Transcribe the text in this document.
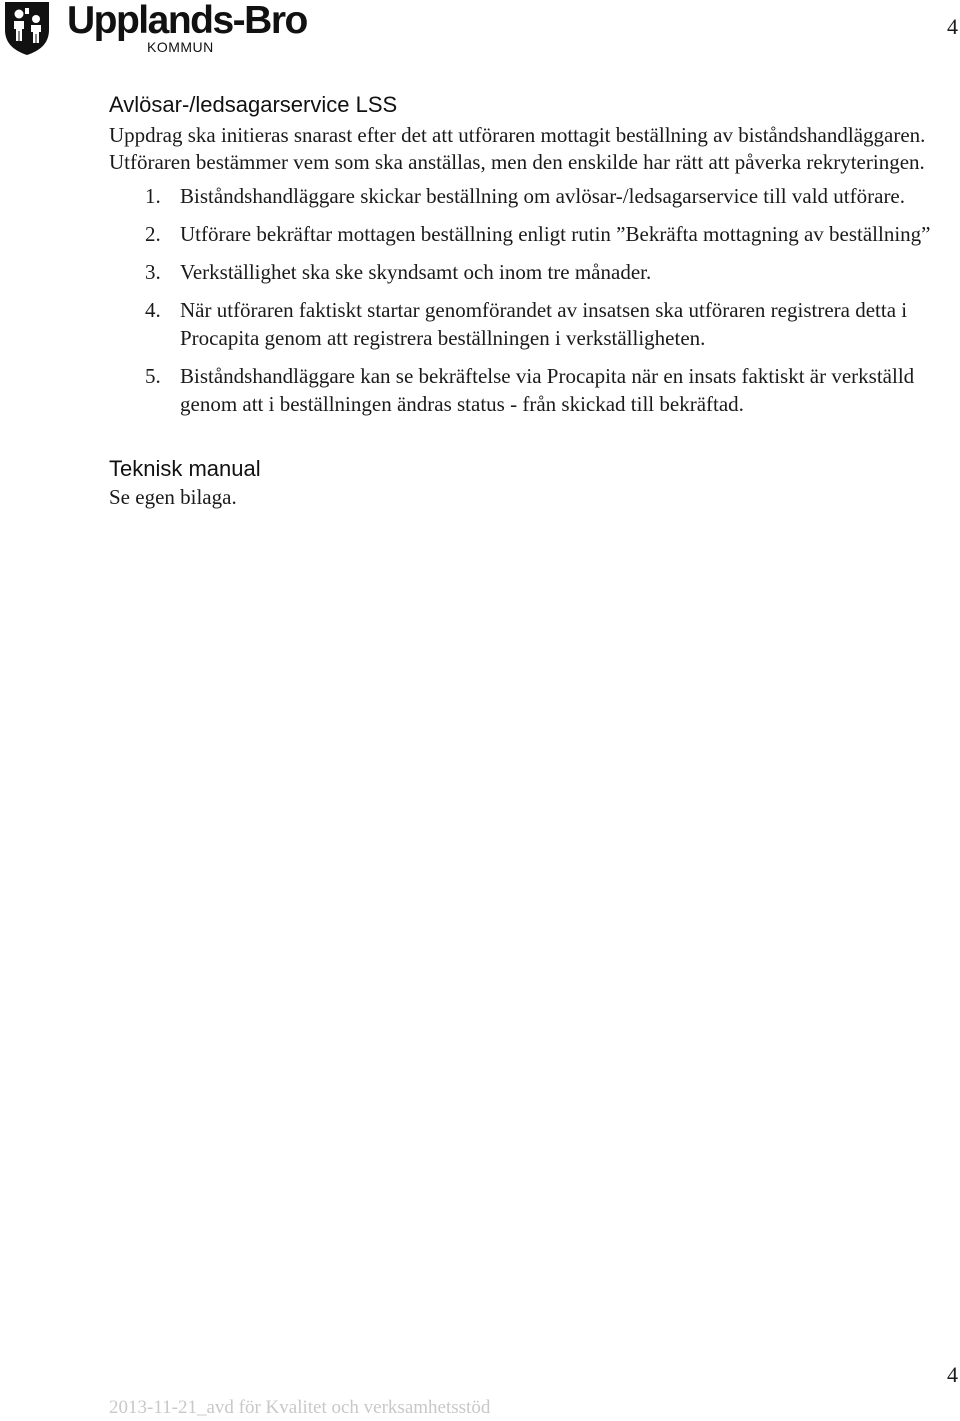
Upplands-Bro
KOMMUN
4
Avlösar-/ledsagarservice LSS

Uppdrag ska initieras snarast efter det att utföraren mottagit beställning av biståndshandläggaren. Utföraren bestämmer vem som ska anställas, men den enskilde har rätt att påverka rekryteringen.

1. Biståndshandläggare skickar beställning om avlösar-/ledsagarservice till vald utförare.
2. Utförare bekräftar mottagen beställning enligt rutin ”Bekräfta mottagning av beställning”
3. Verkställighet ska ske skyndsamt och inom tre månader.
4. När utföraren faktiskt startar genomförandet av insatsen ska utföraren registrera detta i Procapita genom att registrera beställningen i verkställigheten.
5. Biståndshandläggare kan se bekräftelse via Procapita när en insats faktiskt är verkställd genom att i beställningen ändras status - från skickad till bekräftad.
Teknisk manual

Se egen bilaga.

4
2013-11-21_avd för Kvalitet och verksamhetsstöd
